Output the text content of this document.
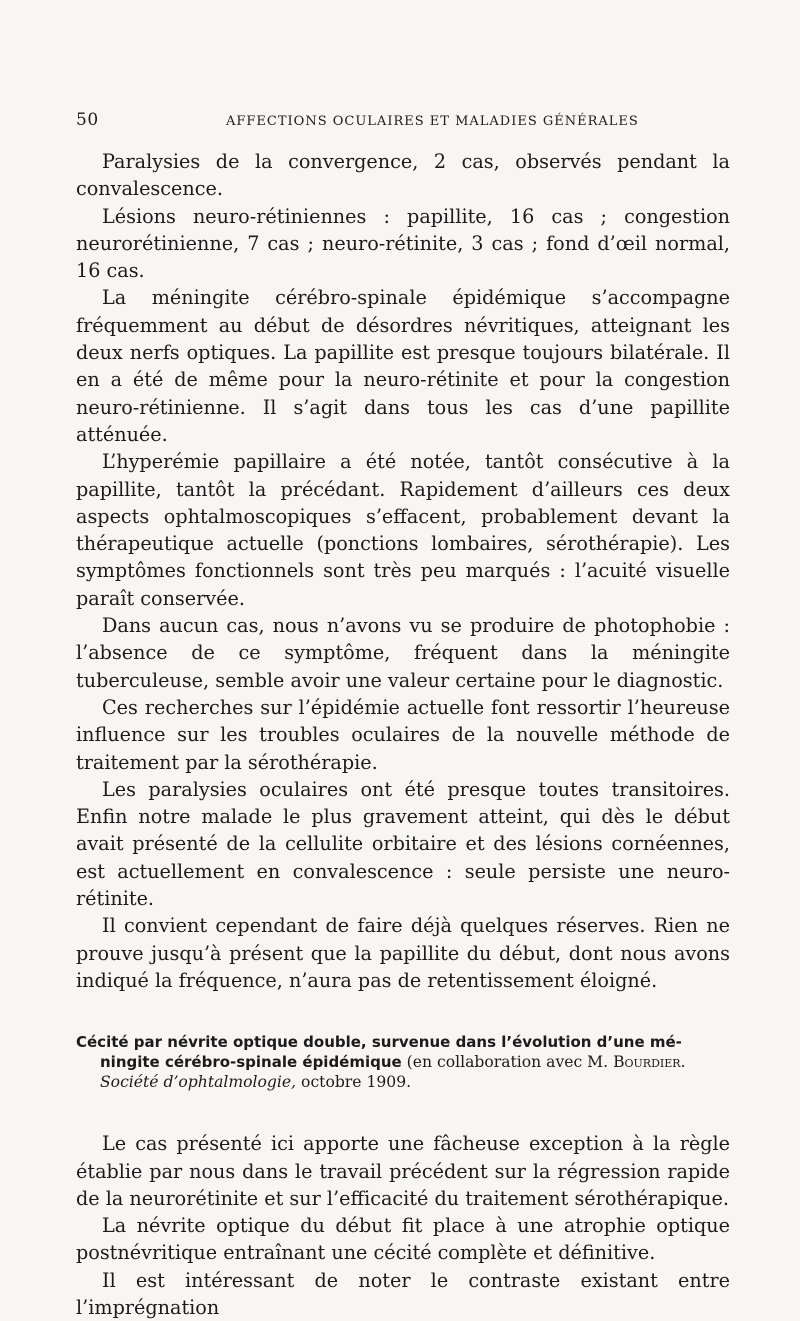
50	AFFECTIONS OCULAIRES ET MALADIES GÉNÉRALES

Paralysies de la convergence, 2 cas, observés pendant la convalescence.

Lésions neuro-rétiniennes : papillite, 16 cas ; congestion neurorétinienne, 7 cas ; neuro-rétinite, 3 cas ; fond d’œil normal, 16 cas.

La méningite cérébro-spinale épidémique s’accompagne fréquemment au début de désordres névritiques, atteignant les deux nerfs optiques. La papillite est presque toujours bilatérale. Il en a été de même pour la neuro-rétinite et pour la congestion neuro-rétinienne. Il s’agit dans tous les cas d’une papillite atténuée.

L’hyperémie papillaire a été notée, tantôt consécutive à la papillite, tantôt la précédant. Rapidement d’ailleurs ces deux aspects ophtalmoscopiques s’effacent, probablement devant la thérapeutique actuelle (ponctions lombaires, sérothérapie). Les symptômes fonctionnels sont très peu marqués : l’acuité visuelle paraît conservée.

Dans aucun cas, nous n’avons vu se produire de photophobie : l’absence de ce symptôme, fréquent dans la méningite tuberculeuse, semble avoir une valeur certaine pour le diagnostic.

Ces recherches sur l’épidémie actuelle font ressortir l’heureuse influence sur les troubles oculaires de la nouvelle méthode de traitement par la sérothérapie.

Les paralysies oculaires ont été presque toutes transitoires. Enfin notre malade le plus gravement atteint, qui dès le début avait présenté de la cellulite orbitaire et des lésions cornéennes, est actuellement en convalescence : seule persiste une neuro-rétinite.

Il convient cependant de faire déjà quelques réserves. Rien ne prouve jusqu’à présent que la papillite du début, dont nous avons indiqué la fréquence, n’aura pas de retentissement éloigné.

Cécité par névrite optique double, survenue dans l’évolution d’une mé-
ningite cérébro-spinale épidémique (en collaboration avec M. Bourdier.
Société d’ophtalmologie, octobre 1909.

Le cas présenté ici apporte une fâcheuse exception à la règle établie par nous dans le travail précédent sur la régression rapide de la neurorétinite et sur l’efficacité du traitement sérothérapique.

La névrite optique du début fit place à une atrophie optique postnévritique entraînant une cécité complète et définitive.

Il est intéressant de noter le contraste existant entre l’imprégnation
